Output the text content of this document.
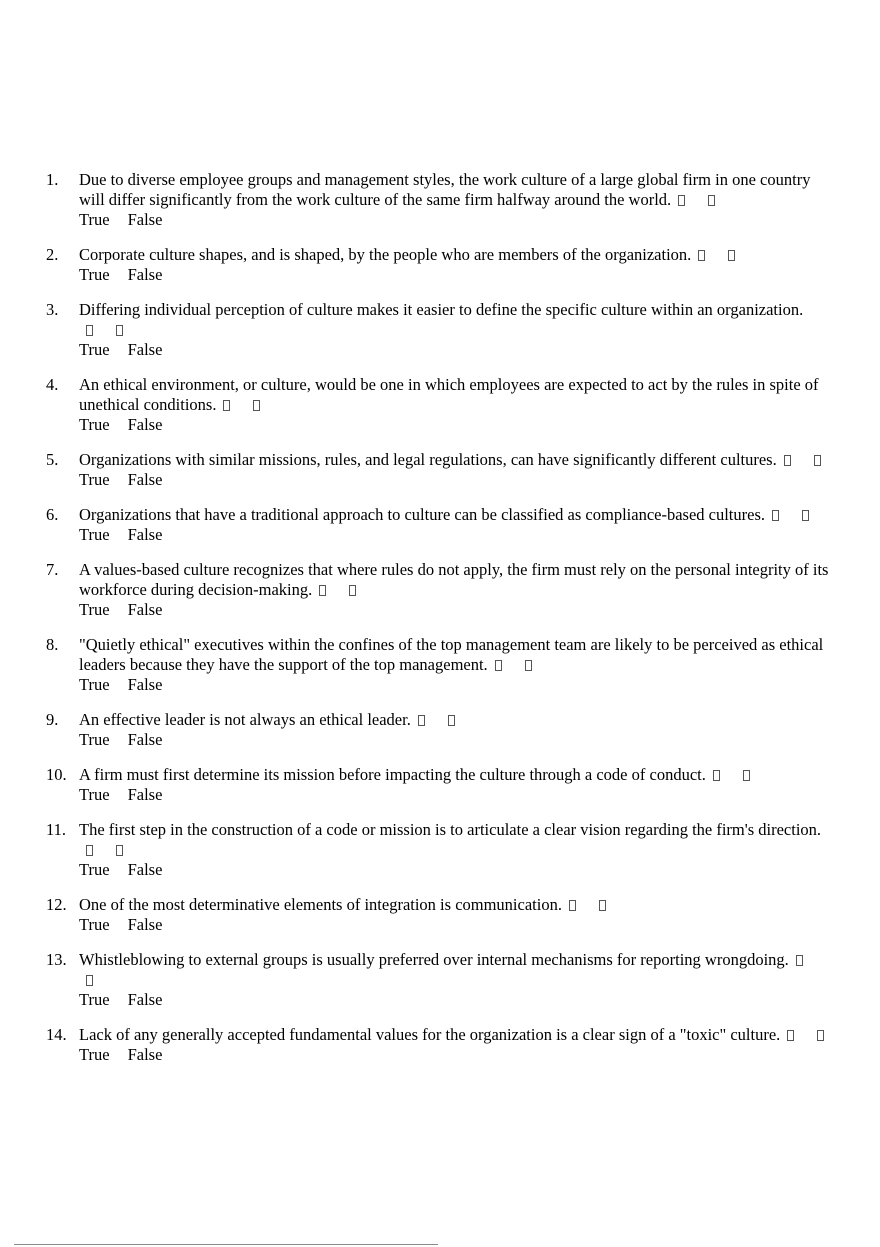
1. Due to diverse employee groups and management styles, the work culture of a large global firm in one country will differ significantly from the work culture of the same firm halfway around the world.
True False
2. Corporate culture shapes, and is shaped, by the people who are members of the organization.
True False
3. Differing individual perception of culture makes it easier to define the specific culture within an organization.
True False
4. An ethical environment, or culture, would be one in which employees are expected to act by the rules in spite of unethical conditions.
True False
5. Organizations with similar missions, rules, and legal regulations, can have significantly different cultures.
True False
6. Organizations that have a traditional approach to culture can be classified as compliance-based cultures.
True False
7. A values-based culture recognizes that where rules do not apply, the firm must rely on the personal integrity of its workforce during decision-making.
True False
8. "Quietly ethical" executives within the confines of the top management team are likely to be perceived as ethical leaders because they have the support of the top management.
True False
9. An effective leader is not always an ethical leader.
True False
10. A firm must first determine its mission before impacting the culture through a code of conduct.
True False
11. The first step in the construction of a code or mission is to articulate a clear vision regarding the firm's direction.
True False
12. One of the most determinative elements of integration is communication.
True False
13. Whistleblowing to external groups is usually preferred over internal mechanisms for reporting wrongdoing.
True False
14. Lack of any generally accepted fundamental values for the organization is a clear sign of a "toxic" culture.
True False
